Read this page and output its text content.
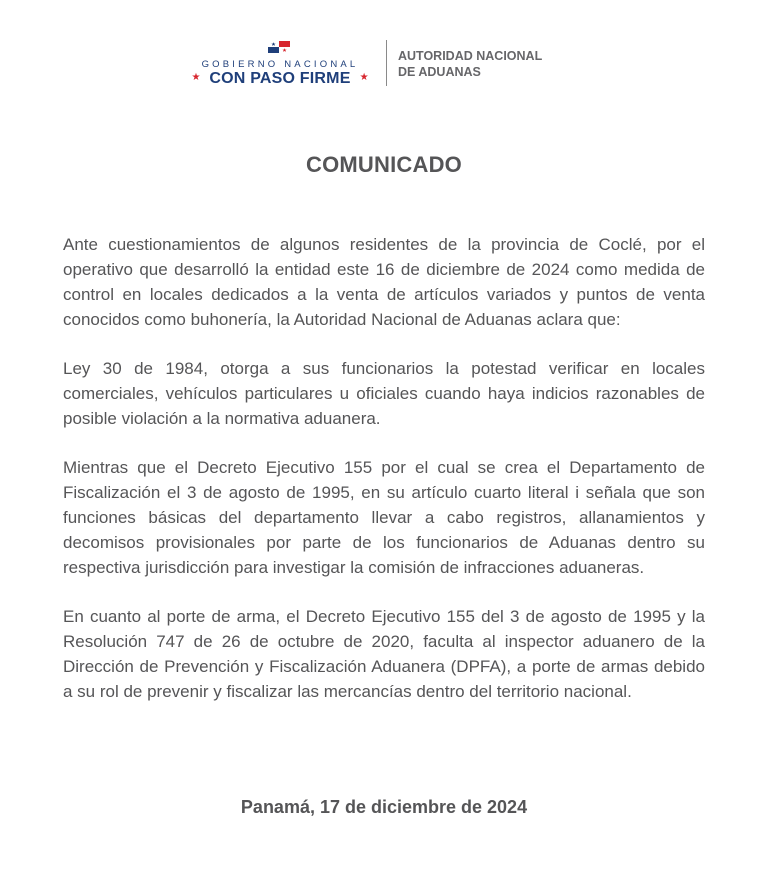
GOBIERNO NACIONAL
★ CON PASO FIRME ★
AUTORIDAD NACIONAL
DE ADUANAS
COMUNICADO

Ante cuestionamientos de algunos residentes de la provincia de Coclé, por el operativo que desarrolló la entidad este 16 de diciembre de 2024 como medida de control en locales dedicados a la venta de artículos variados y puntos de venta conocidos como buhonería, la Autoridad Nacional de Aduanas aclara que:

Ley 30 de 1984, otorga a sus funcionarios la potestad verificar en locales comerciales, vehículos particulares u oficiales cuando haya indicios razonables de posible violación a la normativa aduanera.

Mientras que el Decreto Ejecutivo 155 por el cual se crea el Departamento de Fiscalización el 3 de agosto de 1995, en su artículo cuarto literal i señala que son funciones básicas del departamento llevar a cabo registros, allanamientos y decomisos provisionales por parte de los funcionarios de Aduanas dentro su respectiva jurisdicción para investigar la comisión de infracciones aduaneras.

En cuanto al porte de arma, el Decreto Ejecutivo 155 del 3 de agosto de 1995 y la Resolución 747 de 26 de octubre de 2020, faculta al inspector aduanero de la Dirección de Prevención y Fiscalización Aduanera (DPFA), a porte de armas debido a su rol de prevenir y fiscalizar las mercancías dentro del territorio nacional.

Panamá, 17 de diciembre de 2024
